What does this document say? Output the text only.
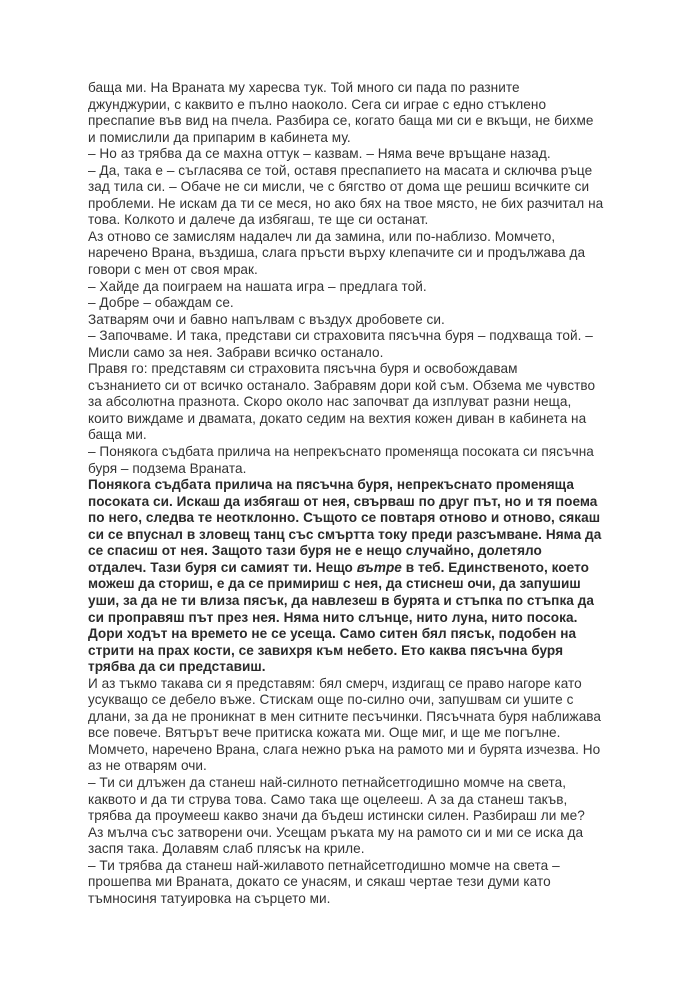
баща ми. На Враната му харесва тук. Той много си пада по разните
джунджурии, с каквито е пълно наоколо. Сега си играе с едно стъклено
преспапие във вид на пчела. Разбира се, когато баща ми си е вкъщи, не бихме
и помислили да припарим в кабинета му.
– Но аз трябва да се махна оттук – казвам. – Няма вече връщане назад.
– Да, така е – съгласява се той, оставя преспапието на масата и сключва ръце
зад тила си. – Обаче не си мисли, че с бягство от дома ще решиш всичките си
проблеми. Не искам да ти се меся, но ако бях на твое място, не бих разчитал на
това. Колкото и далече да избягаш, те ще си останат.
Аз отново се замислям надалеч ли да замина, или по-наблизо. Момчето,
наречено Врана, въздиша, слага пръсти върху клепачите си и продължава да
говори с мен от своя мрак.
– Хайде да поиграем на нашата игра – предлага той.
– Добре – обаждам се.
Затварям очи и бавно напълвам с въздух дробовете си.
– Започваме. И така, представи си страховита пясъчна буря – подхваща той. –
Мисли само за нея. Забрави всичко останало.
Правя го: представям си страховита пясъчна буря и освобождавам
съзнанието си от всичко останало. Забравям дори кой съм. Обзема ме чувство
за абсолютна празнота. Скоро около нас започват да изплуват разни неща,
които виждаме и двамата, докато седим на вехтия кожен диван в кабинета на
баща ми.
– Понякога съдбата прилича на непрекъснато променяща посоката си пясъчна
буря – подзема Враната.
Понякога съдбата прилича на пясъчна буря, непрекъснато променяща
посоката си. Искаш да избягаш от нея, свърваш по друг път, но и тя поема
по него, следва те неотклонно. Същото се повтаря отново и отново, сякаш
си се впуснал в зловещ танц със смъртта току преди разсъмване. Няма да
се спасиш от нея. Защото тази буря не е нещо случайно, долетяло
отдалеч. Тази буря си самият ти. Нещо вътре в теб. Единственото, което
можеш да сториш, е да се примириш с нея, да стиснеш очи, да запушиш
уши, за да не ти влиза пясък, да навлезеш в бурята и стъпка по стъпка да
си проправяш път през нея. Няма нито слънце, нито луна, нито посока.
Дори ходът на времето не се усеща. Само ситен бял пясък, подобен на
стрити на прах кости, се завихря към небето. Ето каква пясъчна буря
трябва да си представиш.
И аз тъкмо такава си я представям: бял смерч, издигащ се право нагоре като
усукващо се дебело въже. Стискам още по-силно очи, запушвам си ушите с
длани, за да не проникнат в мен ситните песъчинки. Пясъчната буря наближава
все повече. Вятърът вече притиска кожата ми. Още миг, и ще ме погълне.
Момчето, наречено Врана, слага нежно ръка на рамото ми и бурята изчезва. Но
аз не отварям очи.
– Ти си длъжен да станеш най-силното петнайсетгодишно момче на света,
каквото и да ти струва това. Само така ще оцелееш. А за да станеш такъв,
трябва да проумееш какво значи да бъдеш истински силен. Разбираш ли ме?
Аз мълча със затворени очи. Усещам ръката му на рамото си и ми се иска да
заспя така. Долавям слаб плясък на криле.
– Ти трябва да станеш най-жилавото петнайсетгодишно момче на света –
прошепва ми Враната, докато се унасям, и сякаш чертае тези думи като
тъмносиня татуировка на сърцето ми.
